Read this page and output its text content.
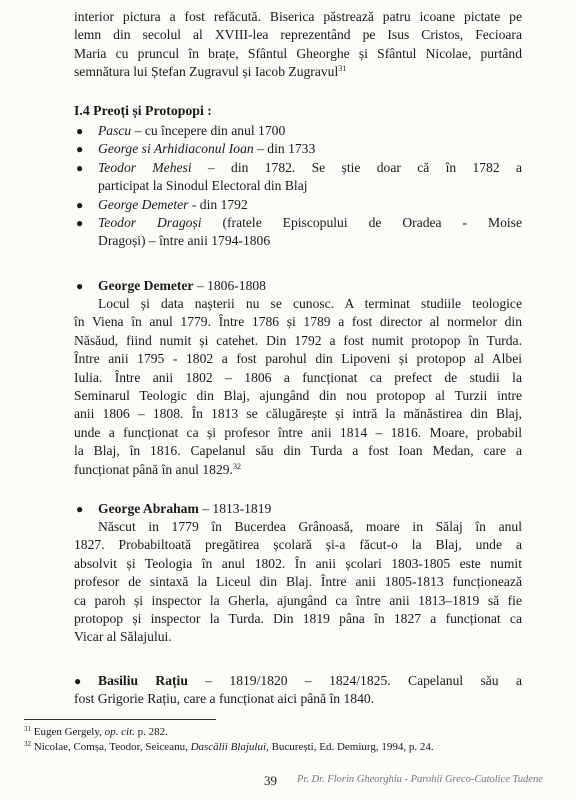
interior pictura a fost refăcută. Biserica păstrează patru icoane pictate pe
lemn din secolul al XVIII-lea reprezentând pe Isus Cristos, Fecioara
Maria cu pruncul în brațe, Sfântul Gheorghe și Sfântul Nicolae, purtând
semnătura lui Ștefan Zugravul și Iacob Zugravul$^{31}$
I.4 Preoți și Protopopi :
● Pascu – cu începere din anul 1700
● George si Arhidiaconul Ioan – din 1733
● Teodor Mehesi – din 1782. Se știe doar că în 1782 a
participat la Sinodul Electoral din Blaj
● George Demeter - din 1792
● Teodor Dragoși (fratele Episcopului de Oradea - Moise
Dragoși) – între anii 1794-1806
● George Demeter – 1806-1808
Locul și data nașterii nu se cunosc. A terminat studiile teologice
în Viena în anul 1779. Între 1786 și 1789 a fost director al normelor din
Năsăud, fiind numit și catehet. Din 1792 a fost numit protopop în Turda.
Între anii 1795 - 1802 a fost parohul din Lipoveni și protopop al Albei
Iulia. Între anii 1802 – 1806 a funcționat ca prefect de studii la
Seminarul Teologic din Blaj, ajungând din nou protopop al Turzii intre
anii 1806 – 1808. În 1813 se călugărește și intră la mănăstirea din Blaj,
unde a funcționat ca și profesor între anii 1814 – 1816. Moare, probabil
la Blaj, în 1816. Capelanul său din Turda a fost Ioan Medan, care a
funcționat până în anul 1829.32
● George Abraham – 1813-1819
Născut in 1779 în Bucerdea Grânoasă, moare in Sălaj în anul
1827. Probabiltoată pregătirea școlară și-a făcut-o la Blaj, unde a
absolvit și Teologia în anul 1802. În anii școlari 1803-1805 este numit
profesor de sintaxă la Liceul din Blaj. Între anii 1805-1813 funcționează
ca paroh și inspector la Gherla, ajungând ca între anii 1813–1819 să fie
protopop și inspector la Turda. Din 1819 pâna în 1827 a funcționat ca
Vicar al Sălajului.
● Basiliu Rațiu – 1819/1820 – 1824/1825. Capelanul său a
fost Grigorie Rațiu, care a funcționat aici până în 1840.
$^{31}$ Eugen Gergely, op. cit. p. 282.
$^{32}$ Nicolae, Comșa, Teodor, Seiceanu, Dascălii Blajului, București, Ed. Demiurg, 1994, p. 24.
39 Pr. Dr. Florin Gheorghiu - Parohii Greco-Catolice Tudene
